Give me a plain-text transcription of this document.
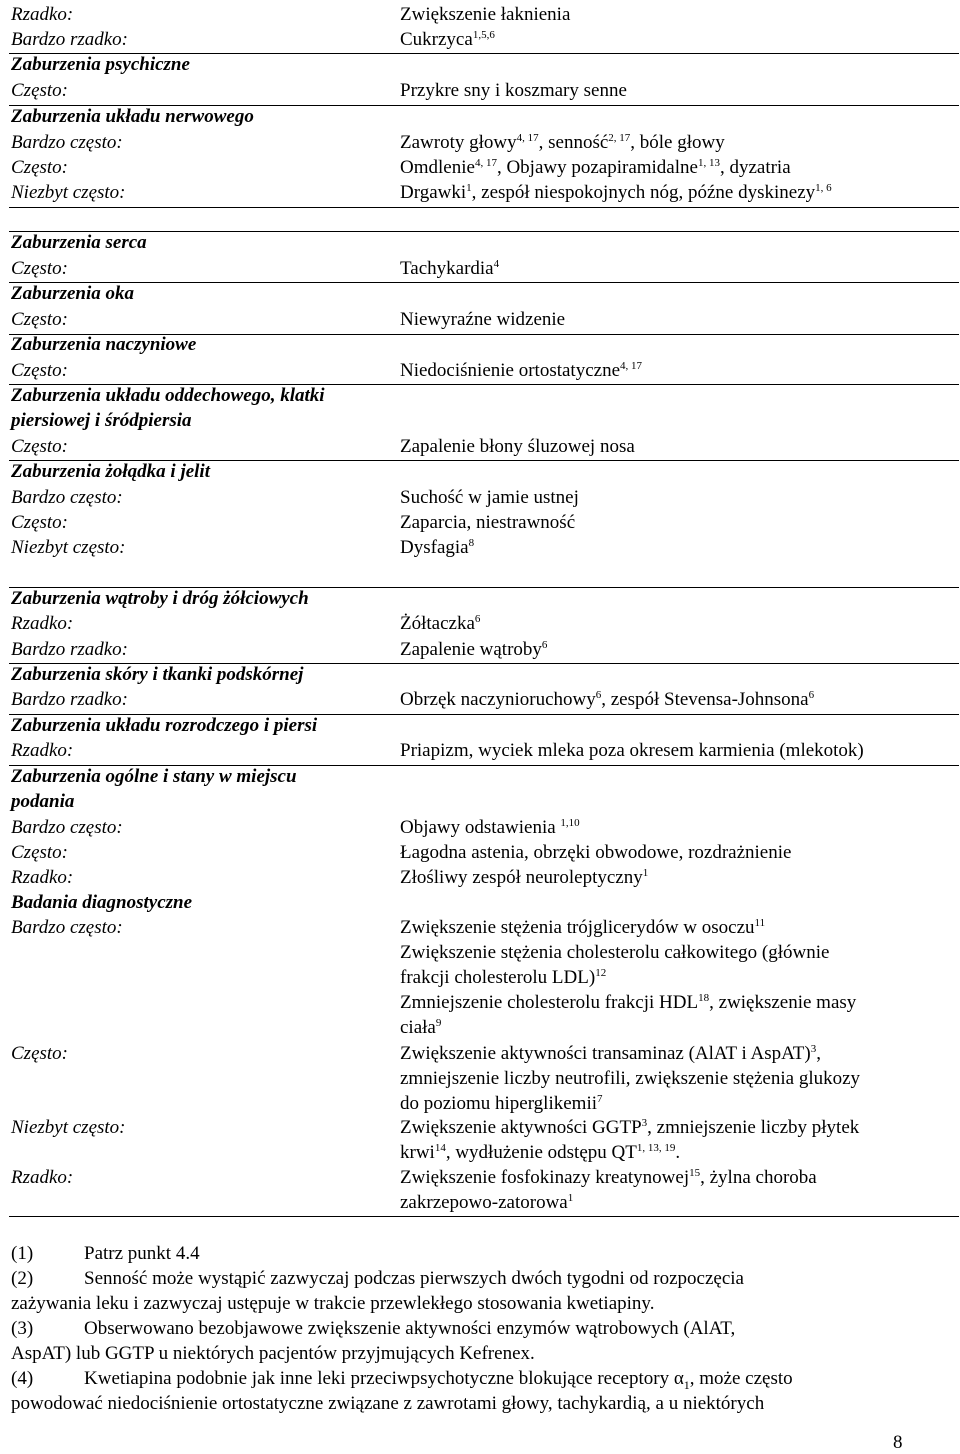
Rzadko:	Zwiększenie łaknienia
Bardzo rzadko:	Cukrzyca$^{1,5,6}$
Zaburzenia psychiczne
Często:	Przykre sny i koszmary senne
Zaburzenia układu nerwowego
Bardzo często:	Zawroty głowy$^{4, 17}$, senność$^{2, 17}$, bóle głowy
Często:	Omdlenie$^{4, 17}$, Objawy pozapiramidalne$^{1, 13}$, dyzatria
Niezbyt często:	Drgawki$^1$, zespół niespokojnych nóg, późne dyskinezy$^{1, 6}$
Zaburzenia serca
Często:	Tachykardia$^4$
Zaburzenia oka
Często:	Niewyraźne widzenie
Zaburzenia naczyniowe
Często:	Niedociśnienie ortostatyczne$^{4, 17}$
Zaburzenia układu oddechowego, klatki
piersiowej i śródpiersia
Często:	Zapalenie błony śluzowej nosa
Zaburzenia żołądka i jelit
Bardzo często:	Suchość w jamie ustnej
Często:	Zaparcia, niestrawność
Niezbyt często:	Dysfagia$^8$
Zaburzenia wątroby i dróg żółciowych
Rzadko:	Żółtaczka$^6$
Bardzo rzadko:	Zapalenie wątroby$^6$
Zaburzenia skóry i tkanki podskórnej
Bardzo rzadko:	Obrzęk naczynioruchowy$^6$, zespół Stevensa-Johnsona$^6$
Zaburzenia układu rozrodczego i piersi
Rzadko:	Priapizm, wyciek mleka poza okresem karmienia (mlekotok)
Zaburzenia ogólne i stany w miejscu
podania
Bardzo często:	Objawy odstawienia $^{1,10}$
Często:	Łagodna astenia, obrzęki obwodowe, rozdrażnienie
Rzadko:	Złośliwy zespół neuroleptyczny$^1$
Badania diagnostyczne
Bardzo często:	Zwiększenie stężenia trójglicerydów w osoczu$^{11}$
Zwiększenie stężenia cholesterolu całkowitego (głównie
frakcji cholesterolu LDL)$^{12}$
Zmniejszenie cholesterolu frakcji HDL$^{18}$, zwiększenie masy
ciała$^9$
Często:	Zwiększenie aktywności transaminaz (AlAT i AspAT)$^3$,
zmniejszenie liczby neutrofili, zwiększenie stężenia glukozy
do poziomu hiperglikemii$^7$
Niezbyt często:	Zwiększenie aktywności GGTP$^3$, zmniejszenie liczby płytek
krwi$^{14}$, wydłużenie odstępu QT$^{1, 13, 19}$.
Rzadko:	Zwiększenie fosfokinazy kreatynowej$^{15}$, żylna choroba
zakrzepowo-zatorowa$^1$
(1)	Patrz punkt 4.4
(2)	Senność może wystąpić zazwyczaj podczas pierwszych dwóch tygodni od rozpoczęcia
zażywania leku i zazwyczaj ustępuje w trakcie przewlekłego stosowania kwetiapiny.
(3)	Obserwowano bezobjawowe zwiększenie aktywności enzymów wątrobowych (AlAT,
AspAT) lub GGTP u niektórych pacjentów przyjmujących Kefrenex.
(4)	Kwetiapina podobnie jak inne leki przeciwpsychotyczne blokujące receptory $\alpha_1$, może często
powodować niedociśnienie ortostatyczne związane z zawrotami głowy, tachykardią, a u niektórych
8
